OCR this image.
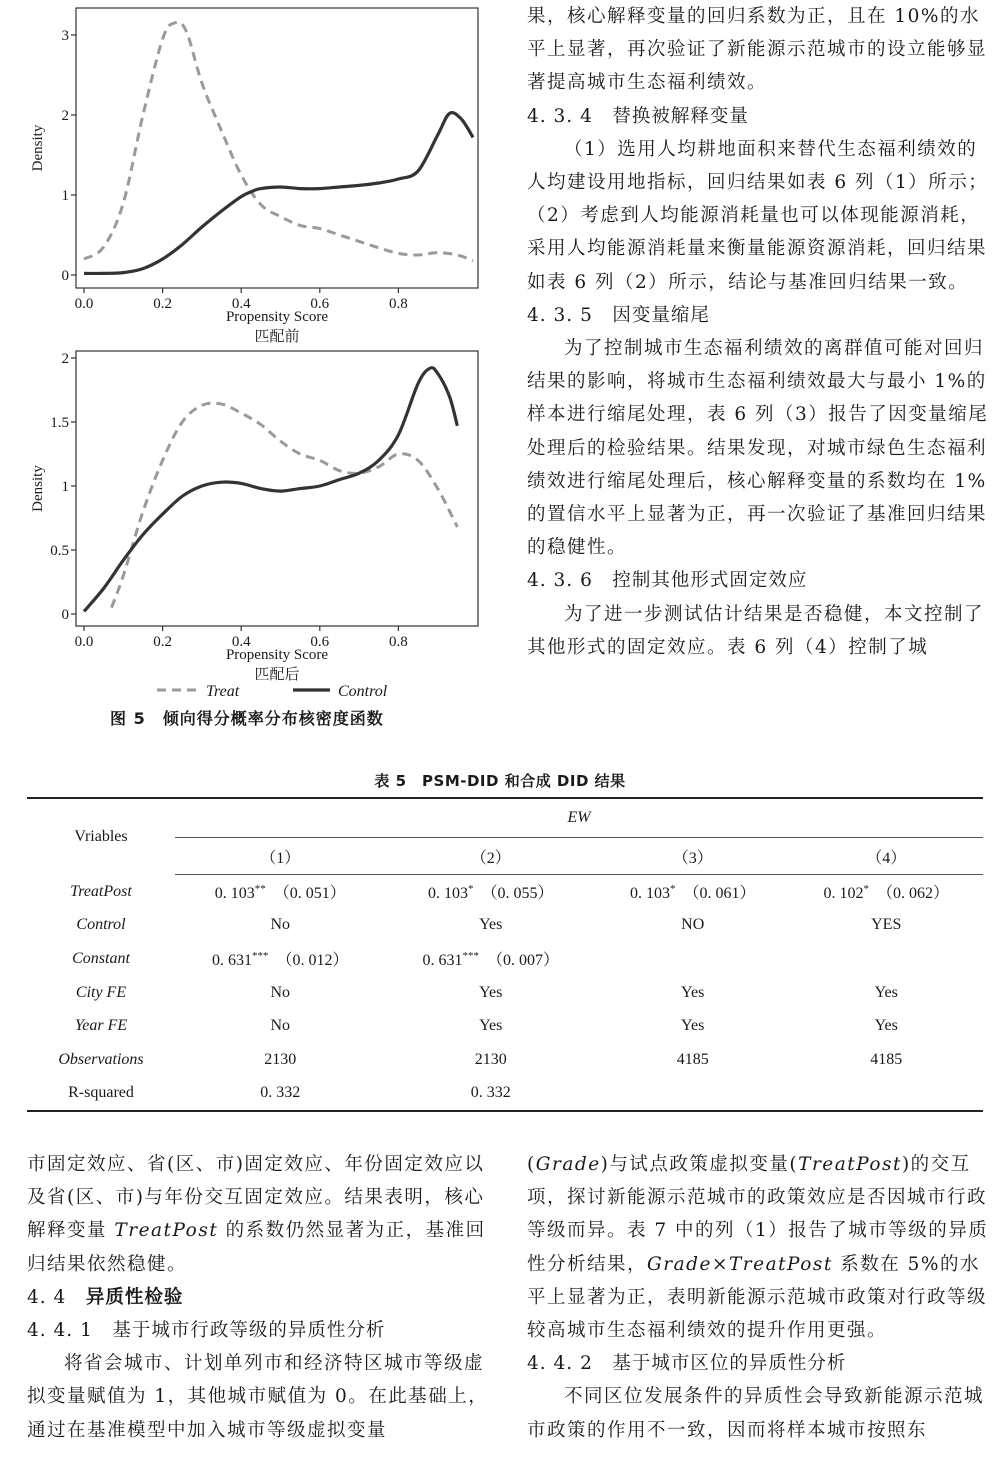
0
1
2
3
0.0	0.2	0.4	0.6	0.8
Propensity Score
Density
匹配前
0
0.5
1
1.5
2
0.0	0.2	0.4	0.6	0.8
Propensity Score
Density
匹配后
Treat	Control
图 5　倾向得分概率分布核密度函数

果，核心解释变量的回归系数为正，且在 10%的水平上显著，再次验证了新能源示范城市的设立能够显著提高城市生态福利绩效。

4. 3. 4　替换被解释变量

（1）选用人均耕地面积来替代生态福利绩效的人均建设用地指标，回归结果如表 6 列（1）所示；（2）考虑到人均能源消耗量也可以体现能源消耗，采用人均能源消耗量来衡量能源资源消耗，回归结果如表 6 列（2）所示，结论与基准回归结果一致。

4. 3. 5　因变量缩尾

为了控制城市生态福利绩效的离群值可能对回归结果的影响，将城市生态福利绩效最大与最小 1%的样本进行缩尾处理，表 6 列（3）报告了因变量缩尾处理后的检验结果。结果发现，对城市绿色生态福利绩效进行缩尾处理后，核心解释变量的系数均在 1%的置信水平上显著为正，再一次验证了基准回归结果的稳健性。

4. 3. 6　控制其他形式固定效应

为了进一步测试估计结果是否稳健，本文控制了其他形式的固定效应。表 6 列（4）控制了城

表 5　PSM-DID 和合成 DID 结果
Vriables	EW			
	（1）	（2）	（3）	（4）
TreatPost	0. 103**  （0. 051）	0. 103*  （0. 055）	0. 103*  （0. 061）	0. 102*  （0. 062）
Control	No	Yes	NO	YES
Constant	0. 631***  （0. 012）	0. 631***  （0. 007）		
City FE	No	Yes	Yes	Yes
Year FE	No	Yes	Yes	Yes
Observations	2130	2130	4185	4185
R-squared	0. 332	0. 332		

市固定效应、省(区、市)固定效应、年份固定效应以及省(区、市)与年份交互固定效应。结果表明，核心解释变量 TreatPost 的系数仍然显著为正，基准回归结果依然稳健。

4. 4　异质性检验

4. 4. 1　基于城市行政等级的异质性分析

将省会城市、计划单列市和经济特区城市等级虚拟变量赋值为 1，其他城市赋值为 0。在此基础上，通过在基准模型中加入城市等级虚拟变量

(Grade)与试点政策虚拟变量(TreatPost)的交互项，探讨新能源示范城市的政策效应是否因城市行政等级而异。表 7 中的列（1）报告了城市等级的异质性分析结果，Grade×TreatPost 系数在 5%的水平上显著为正，表明新能源示范城市政策对行政等级较高城市生态福利绩效的提升作用更强。

4. 4. 2　基于城市区位的异质性分析

不同区位发展条件的异质性会导致新能源示范城市政策的作用不一致，因而将样本城市按照东
